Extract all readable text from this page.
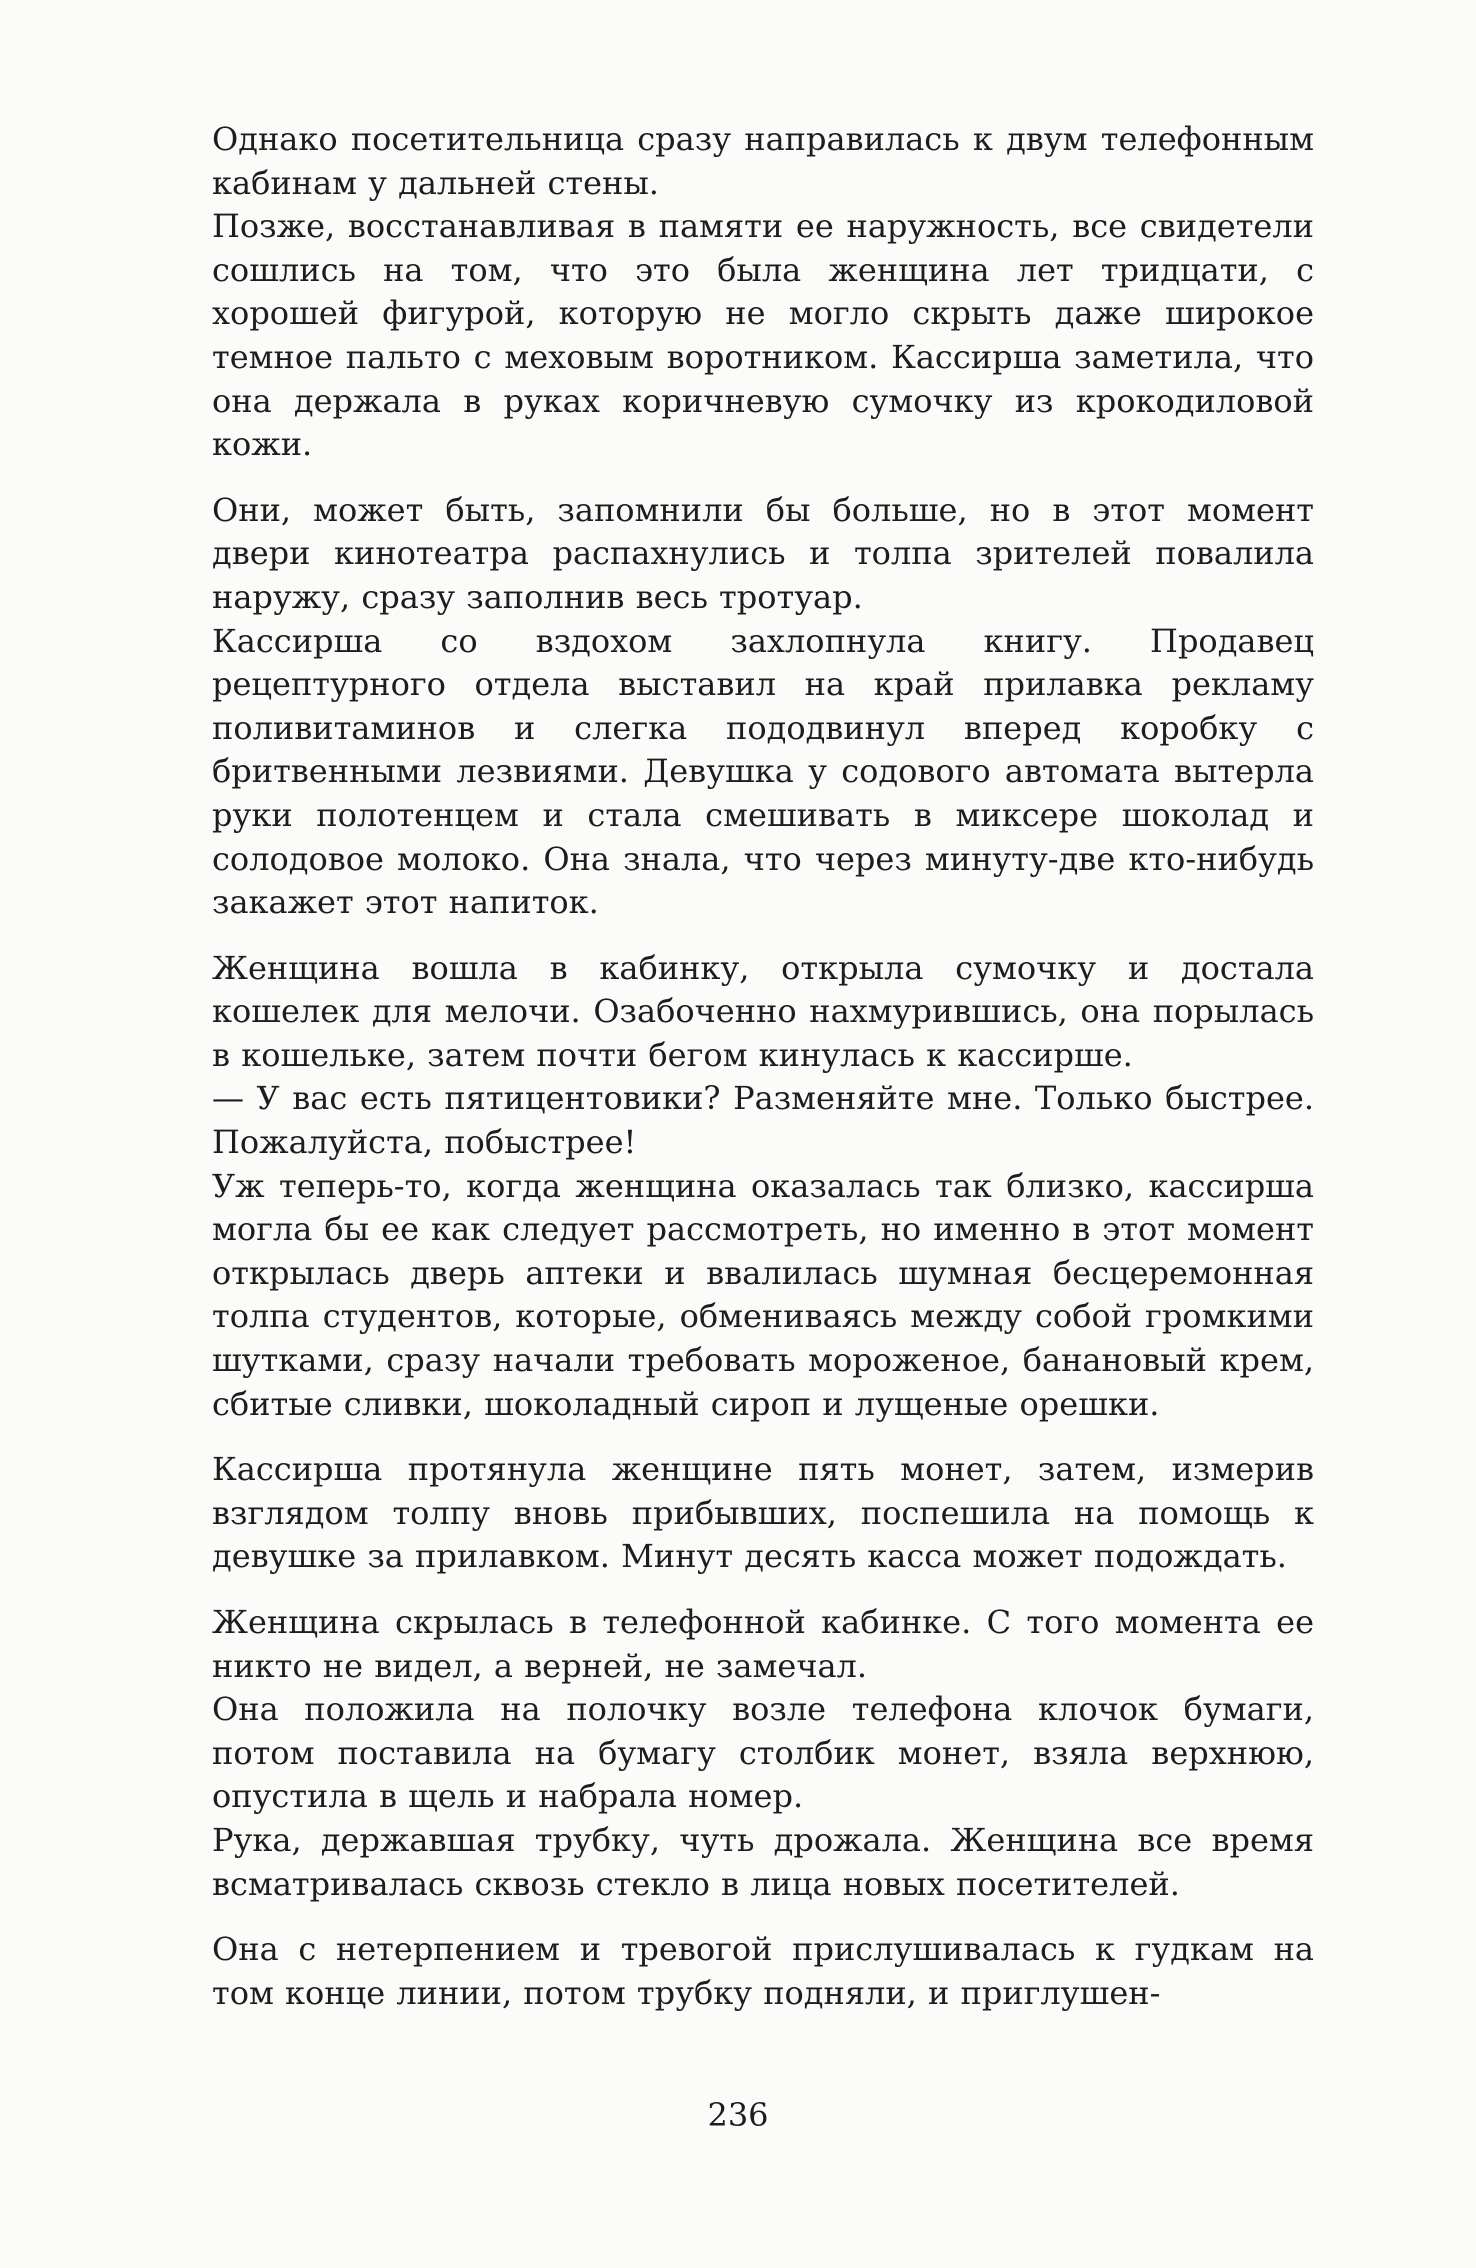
Однако посетительница сразу направилась к двум телефонным кабинам у дальней стены.

Позже, восстанавливая в памяти ее наружность, все свидетели сошлись на том, что это была женщина лет тридцати, с хорошей фигурой, которую не могло скрыть даже широкое темное пальто с меховым воротником. Кассирша заметила, что она держала в руках коричневую сумочку из крокодиловой кожи.

Они, может быть, запомнили бы больше, но в этот момент двери кинотеатра распахнулись и толпа зрителей повалила наружу, сразу заполнив весь тротуар.

Кассирша со вздохом захлопнула книгу. Продавец рецептурного отдела выставил на край прилавка рекламу поливитаминов и слегка пододвинул вперед коробку с бритвенными лезвиями. Девушка у содового автомата вытерла руки полотенцем и стала смешивать в миксере шоколад и солодовое молоко. Она знала, что через минуту-две кто-нибудь закажет этот напиток.

Женщина вошла в кабинку, открыла сумочку и достала кошелек для мелочи. Озабоченно нахмурившись, она порылась в кошельке, затем почти бегом кинулась к кассирше.

— У вас есть пятицентовики? Разменяйте мне. Только быстрее. Пожалуйста, побыстрее!

Уж теперь-то, когда женщина оказалась так близко, кассирша могла бы ее как следует рассмотреть, но именно в этот момент открылась дверь аптеки и ввалилась шумная бесцеремонная толпа студентов, которые, обмениваясь между собой громкими шутками, сразу начали требовать мороженое, банановый крем, сбитые сливки, шоколадный сироп и лущеные орешки.

Кассирша протянула женщине пять монет, затем, измерив взглядом толпу вновь прибывших, поспешила на помощь к девушке за прилавком. Минут десять касса может подождать.

Женщина скрылась в телефонной кабинке. С того момента ее никто не видел, а верней, не замечал.

Она положила на полочку возле телефона клочок бумаги, потом поставила на бумагу столбик монет, взяла верхнюю, опустила в щель и набрала номер.

Рука, державшая трубку, чуть дрожала. Женщина все время всматривалась сквозь стекло в лица новых посетителей.

Она с нетерпением и тревогой прислушивалась к гудкам на том конце линии, потом трубку подняли, и приглушен-

236
